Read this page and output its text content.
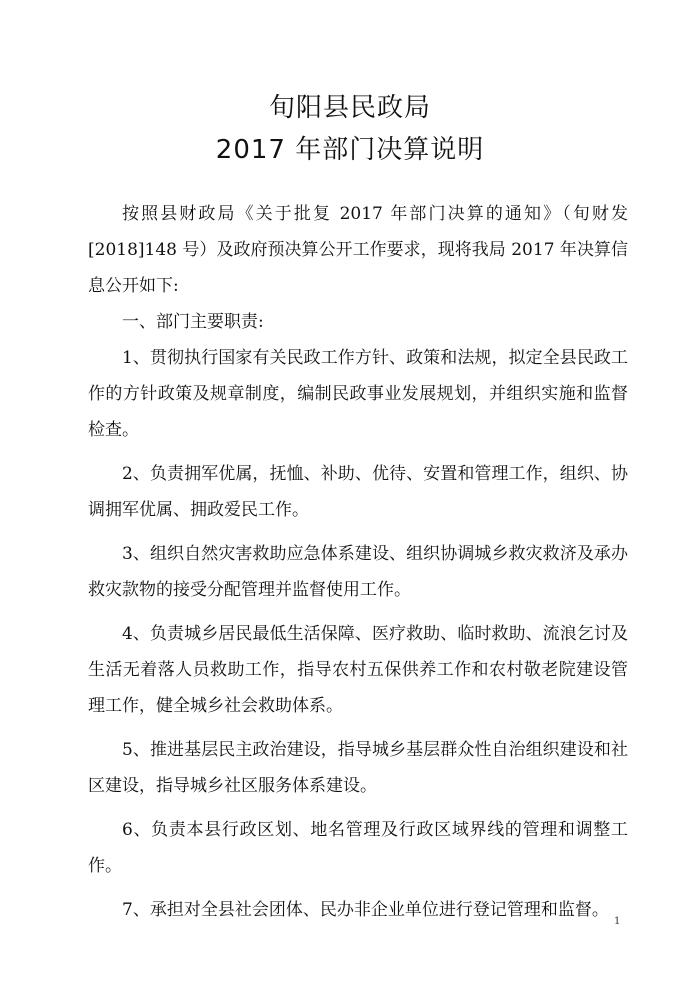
旬阳县民政局
2017 年部门决算说明

按照县财政局《关于批复 2017 年部门决算的通知》（旬财发[2018]148 号）及政府预决算公开工作要求，现将我局 2017 年决算信息公开如下:

一、部门主要职责:

1、贯彻执行国家有关民政工作方针、政策和法规，拟定全县民政工作的方针政策及规章制度，编制民政事业发展规划，并组织实施和监督检查。

2、负责拥军优属，抚恤、补助、优待、安置和管理工作，组织、协调拥军优属、拥政爱民工作。

3、组织自然灾害救助应急体系建设、组织协调城乡救灾救济及承办救灾款物的接受分配管理并监督使用工作。

4、负责城乡居民最低生活保障、医疗救助、临时救助、流浪乞讨及生活无着落人员救助工作，指导农村五保供养工作和农村敬老院建设管理工作，健全城乡社会救助体系。

5、推进基层民主政治建设，指导城乡基层群众性自治组织建设和社区建设，指导城乡社区服务体系建设。

6、负责本县行政区划、地名管理及行政区域界线的管理和调整工作。

7、承担对全县社会团体、民办非企业单位进行登记管理和监督。

1
